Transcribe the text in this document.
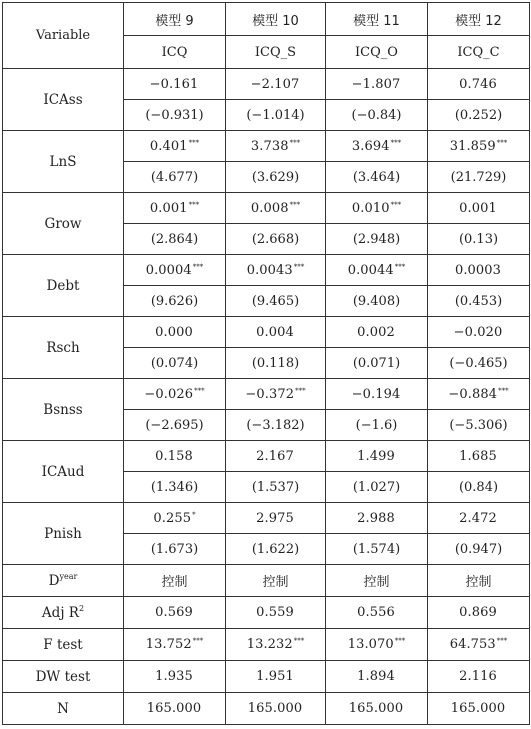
Variable	模型 9	模型 10	模型 11	模型 12
	ICQ	ICQ_S	ICQ_O	ICQ_C
ICAss	−0.161	−2.107	−1.807	0.746
	(−0.931)	(−1.014)	(−0.84)	(0.252)
LnS	0.401***	3.738***	3.694***	31.859***
	(4.677)	(3.629)	(3.464)	(21.729)
Grow	0.001***	0.008***	0.010***	0.001
	(2.864)	(2.668)	(2.948)	(0.13)
Debt	0.0004***	0.0043***	0.0044***	0.0003
	(9.626)	(9.465)	(9.408)	(0.453)
Rsch	0.000	0.004	0.002	−0.020
	(0.074)	(0.118)	(0.071)	(−0.465)
Bsnss	−0.026***	−0.372***	−0.194	−0.884***
	(−2.695)	(−3.182)	(−1.6)	(−5.306)
ICAud	0.158	2.167	1.499	1.685
	(1.346)	(1.537)	(1.027)	(0.84)
Pnish	0.255*	2.975	2.988	2.472
	(1.673)	(1.622)	(1.574)	(0.947)
$D^{year}$	控制	控制	控制	控制
Adj $R^2$	0.569	0.559	0.556	0.869
F test	13.752***	13.232***	13.070***	64.753***
DW test	1.935	1.951	1.894	2.116
N	165.000	165.000	165.000	165.000
